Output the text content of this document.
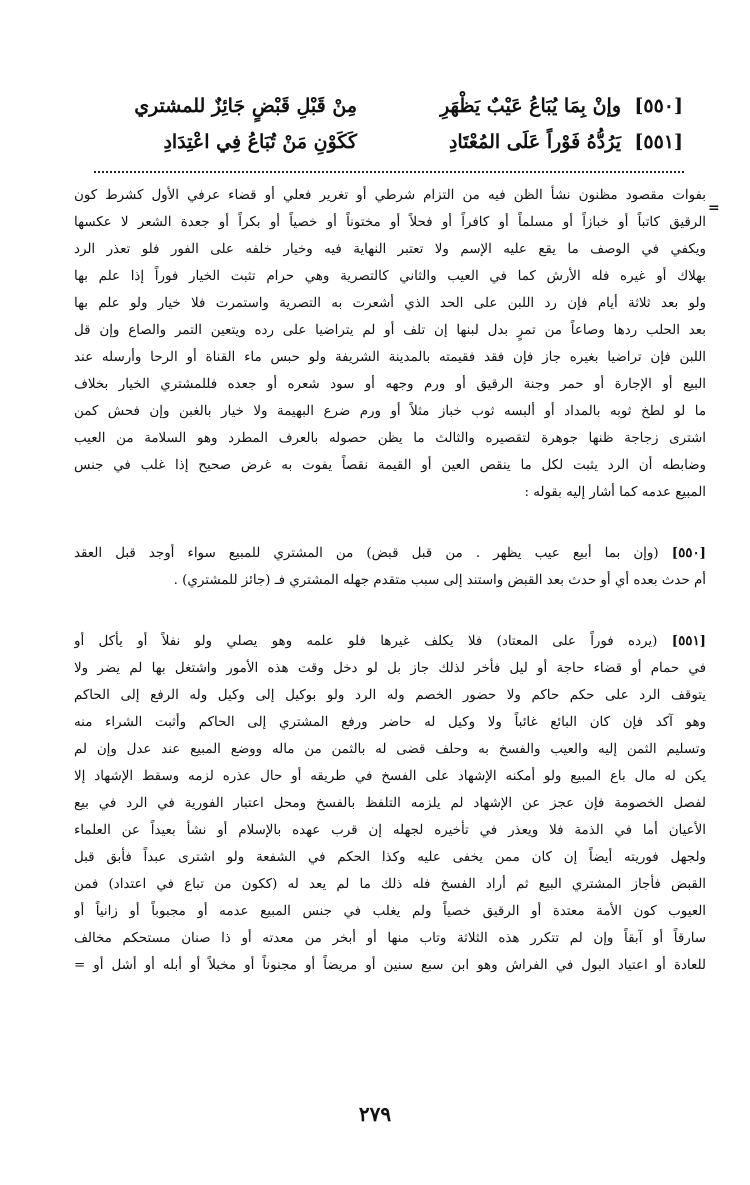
[٥٥٠]
وإنْ بِمَا يُبَاعُ عَيْبٌ يَظْهَرِ
مِنْ قَبْلِ قَبْضٍ جَائِزٌ للمشتري
[٥٥١]
يَرُدُّهُ فَوْراً عَلَى المُعْتَادِ
كَكَوْنِ مَنْ تُبَاعُ فِي اعْتِدَادِ
=
بفوات مقصود مظنون نشأ الظن فيه من التزام شرطي أو تغرير فعلي أو قضاء عرفي الأول كشرط كون
الرقيق كاتباً أو خبازاً أو مسلماً أو كافراً أو فحلاً أو مختوناً أو خصياً أو بكراً أو جعدة الشعر لا عكسها
ويكفي في الوصف ما يقع عليه الإسم ولا تعتبر النهاية فيه وخيار خلفه على الفور فلو تعذر الرد
بهلاك أو غيره فله الأرش كما في العيب والثاني كالتصرية وهي حرام تثبت الخيار فوراً إذا علم بها
ولو بعد ثلاثة أيام فإن رد اللبن على الحد الذي أشعرت به التصرية واستمرت فلا خيار ولو علم بها
بعد الحلب ردها وصاعاً من تمرٍ بدل لبنها إن تلف أو لم يتراضيا على رده ويتعين التمر والصاع وإن قل
اللبن فإن تراضيا بغيره جاز فإن فقد فقيمته بالمدينة الشريفة ولو حبس ماء القناة أو الرحا وأرسله عند
البيع أو الإجارة أو حمر وجنة الرقيق أو ورم وجهه أو سود شعره أو جعده فللمشتري الخيار بخلاف
ما لو لطخ ثوبه بالمداد أو ألبسه ثوب خباز مثلاً أو ورم ضرع البهيمة ولا خيار بالغبن وإن فحش كمن
اشترى زجاجة ظنها جوهرة لتقصيره والثالث ما يظن حصوله بالعرف المطرد وهو السلامة من العيب
وضابطه أن الرد يثبت لكل ما ينقص العين أو القيمة نقصاً يفوت به غرض صحيح إذا غلب في جنس
المبيع عدمه كما أشار إليه بقوله :
[٥٥٠] (وإن بما أبيع عيب يظهر . من قبل قبض) من المشتري للمبيع سواء أوجد قبل العقد
أم حدث بعده أي أو حدث بعد القبض واستند إلى سبب متقدم جهله المشتري فـ (جائز للمشتري) .
[٥٥١] (يرده فوراً على المعتاد) فلا يكلف غيرها فلو علمه وهو يصلي ولو نفلاً أو يأكل أو
في حمام أو قضاء حاجة أو ليل فأخر لذلك جاز بل لو دخل وقت هذه الأمور واشتغل بها لم يضر ولا
يتوقف الرد على حكم حاكم ولا حضور الخصم وله الرد ولو بوكيل إلى وكيل وله الرفع إلى الحاكم
وهو آكد فإن كان البائع غائباً ولا وكيل له حاضر ورفع المشتري إلى الحاكم وأثبت الشراء منه
وتسليم الثمن إليه والعيب والفسخ به وحلف قضى له بالثمن من ماله ووضع المبيع عند عدل وإن لم
يكن له مال باع المبيع ولو أمكنه الإشهاد على الفسخ في طريقه أو حال عذره لزمه وسقط الإشهاد إلا
لفصل الخصومة فإن عجز عن الإشهاد لم يلزمه التلفظ بالفسخ ومحل اعتبار الفورية في الرد في بيع
الأعيان أما في الذمة فلا ويعذر في تأخيره لجهله إن قرب عهده بالإسلام أو نشأ بعيداً عن العلماء
ولجهل فوريته أيضاً إن كان ممن يخفى عليه وكذا الحكم في الشفعة ولو اشترى عبداً فأبق قبل
القبض فأجاز المشتري البيع ثم أراد الفسخ فله ذلك ما لم يعد له (ككون من تباع في اعتداد) فمن
العيوب كون الأمة معتدة أو الرقيق خصياً ولم يغلب في جنس المبيع عدمه أو مجبوباً أو زانياً أو
سارقاً أو آبقاً وإن لم تتكرر هذه الثلاثة وتاب منها أو أبخر من معدته أو ذا صنان مستحكم مخالف
للعادة أو اعتياد البول في الفراش وهو ابن سبع سنين أو مريضاً أو مجنوناً أو مخبلاً أو أبله أو أشل أو =
٢٧٩
